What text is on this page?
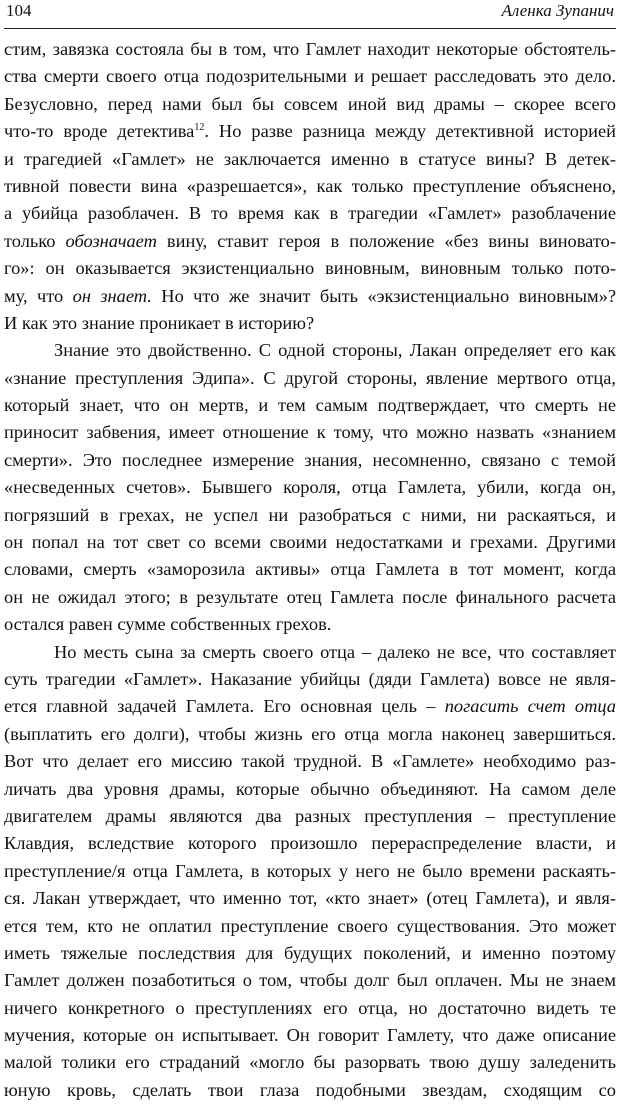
104	Аленка Зупанич
стим, завязка состояла бы в том, что Гамлет находит некоторые обстоятель-
ства смерти своего отца подозрительными и решает расследовать это дело.
Безусловно, перед нами был бы совсем иной вид драмы – скорее всего
что-то вроде детектива$^{12}$. Но разве разница между детективной историей
и трагедией «Гамлет» не заключается именно в статусе вины? В детек-
тивной повести вина «разрешается», как только преступление объяснено,
а убийца разоблачен. В то время как в трагедии «Гамлет» разоблачение
только обозначает вину, ставит героя в положение «без вины виновато-
го»: он оказывается экзистенциально виновным, виновным только пото-
му, что он знает. Но что же значит быть «экзистенциально виновным»?
И как это знание проникает в историю?
Знание это двойственно. С одной стороны, Лакан определяет его как
«знание преступления Эдипа». С другой стороны, явление мертвого отца,
который знает, что он мертв, и тем самым подтверждает, что смерть не
приносит забвения, имеет отношение к тому, что можно назвать «знанием
смерти». Это последнее измерение знания, несомненно, связано с темой
«несведенных счетов». Бывшего короля, отца Гамлета, убили, когда он,
погрязший в грехах, не успел ни разобраться с ними, ни раскаяться, и
он попал на тот свет со всеми своими недостатками и грехами. Другими
словами, смерть «заморозила активы» отца Гамлета в тот момент, когда
он не ожидал этого; в результате отец Гамлета после финального расчета
остался равен сумме собственных грехов.
Но месть сына за смерть своего отца – далеко не все, что составляет
суть трагедии «Гамлет». Наказание убийцы (дяди Гамлета) вовсе не явля-
ется главной задачей Гамлета. Его основная цель – погасить счет отца
(выплатить его долги), чтобы жизнь его отца могла наконец завершиться.
Вот что делает его миссию такой трудной. В «Гамлете» необходимо раз-
личать два уровня драмы, которые обычно объединяют. На самом деле
двигателем драмы являются два разных преступления – преступление
Клавдия, вследствие которого произошло перераспределение власти, и
преступление/я отца Гамлета, в которых у него не было времени раскаять-
ся. Лакан утверждает, что именно тот, «кто знает» (отец Гамлета), и явля-
ется тем, кто не оплатил преступление своего существования. Это может
иметь тяжелые последствия для будущих поколений, и именно поэтому
Гамлет должен позаботиться о том, чтобы долг был оплачен. Мы не знаем
ничего конкретного о преступлениях его отца, но достаточно видеть те
мучения, которые он испытывает. Он говорит Гамлету, что даже описание
малой толики его страданий «могло бы разорвать твою душу заледенить
юную кровь, сделать твои глаза подобными звездам, сходящим со
